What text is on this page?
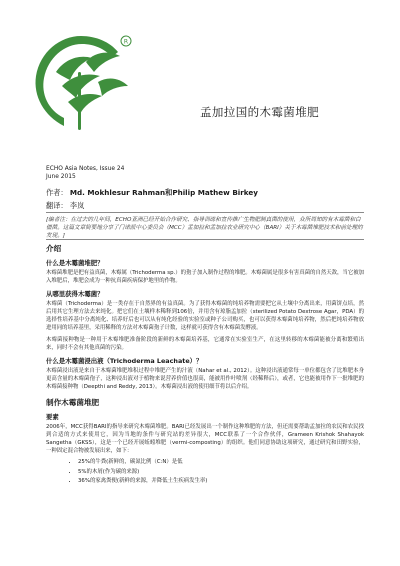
R
孟加拉国的木霉菌堆肥
ECHO Asia Notes, Issue 24
June 2015
作者： Md. Mokhlesur Rahman和Philip Mathew Birkey
翻译： 李岚
[编者注：在过去的几年间，ECHO亚洲已经开始合作研究、指导训练和宣传推广生物肥制真菌的使用，众所周知的有木霉菌和白僵菌。这篇文章简要地分享了门诺派中心委员会（MCC）孟加拉和孟加拉农业研究中心（BARI）关于木霉菌堆肥技术和前处理的发现。]
介绍
什么是木霉菌堆肥？

木霉菌堆肥是把有益真菌，木霉属（Trichoderma sp.）的孢子加入制作过程的堆肥。木霉菌属是很多有害真菌的自然天敌，当它被加入堆肥后，堆肥会成为一种抗真菌疾病保护地里的作物。

从哪里获得木霉菌？

木霉菌（Trichoderma）是一类存在于自然界的有益真菌。为了获得木霉菌的纯培养物需要把它从土壤中分离出来，用菌饼点培，然后用其它生理方法去来纯化。把它们在土壤样本稀释到106倍，并用含有琼脂孟加拉（sterilized Potato Dextrose Agar，PDA）的选择性培养基中分离纯化、培养好后也可以从有纯化经验的实验室或种子公司购买，也可以获得木霉菌纯培养物，然后把纯培养物放进用同的培养基里，采用稀释的方法对木霉菌孢子计数，这样就可获得含有木霉菌发酵液。

木霉菌接种物是一种用于木霉堆肥准备阶段的新鲜的木霉菌培养基，它通常在实验室生产，在这里转移的木霉菌能被分离和繁殖出来，同时不会有其他真菌的污染。

什么是木霉菌浸出液（Trichoderma Leachate）？

木霉菌浸出液是来自于木霉菌堆肥堆积过程中堆肥产生的汁液（Nahar et al., 2012）。这种浸出液通常每一单位都包含了比堆肥本身更高含量的木霉菌孢子，这种浸出液对于植物来说营养价值也很高，能被用作叶喷剂（经稀释后），或者，它也能被用作下一批堆肥的木霉菌接种物（Deepthi and Reddy, 2013）。木霉菌浸出液的使用细节将以后介绍。

制作木霉菌堆肥
要素

2006年，MCC获得BARI的指导来研究木霉菌堆肥。BARI已经发展出一个制作这种堆肥的方法，但还需要帮助孟加拉的农民和农民找到合适的方式来使用它，因为当地的条件与研究站的差异很大，MCC联系了一个合作伙伴，Grameen Krishok Shahayok Sangetha（GKSS），这是一个已经开展蚯蚓堆肥（vermi-composting）的组织。他们同意协助这项研究，通过研究和田野实验，一种固定混合物被发展出来，如下：

• 25%的牛粪(新鲜的，碳氮比例（C:N）是低
• 5%的木屑(作为碳的来源)
• 36%的家禽粪便(新鲜的来源，并降低土生疾病发生率)
